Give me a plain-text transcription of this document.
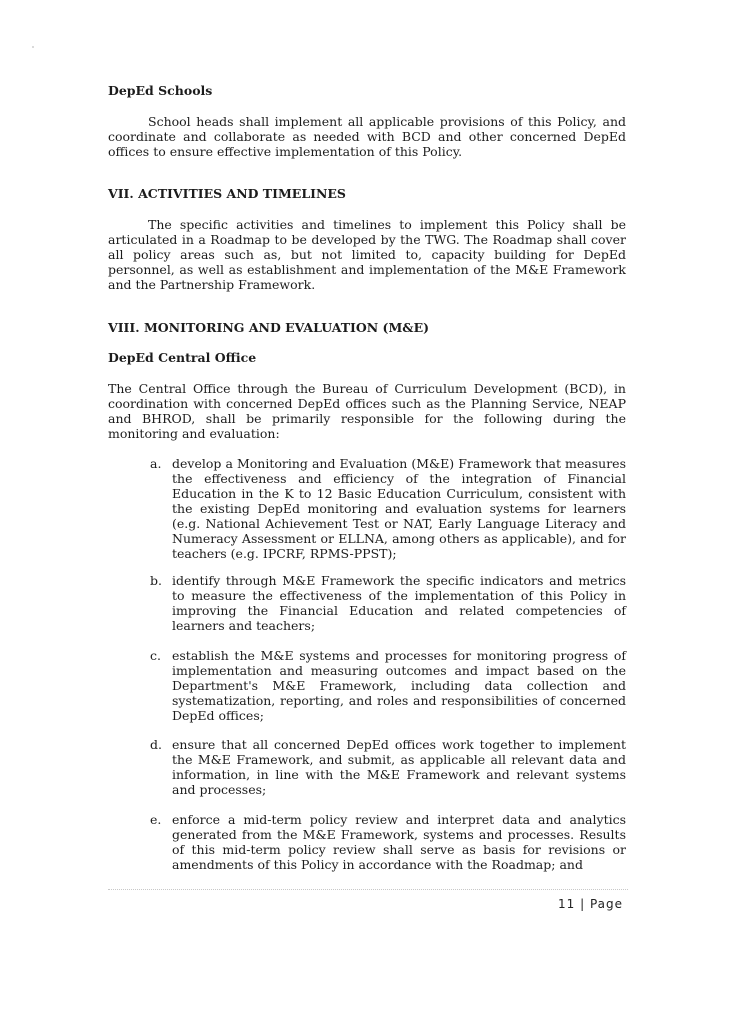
DepEd Schools
School heads shall implement all applicable provisions of this Policy, and coordinate and collaborate as needed with BCD and other concerned DepEd offices to ensure effective implementation of this Policy.
VII. ACTIVITIES AND TIMELINES
The specific activities and timelines to implement this Policy shall be articulated in a Roadmap to be developed by the TWG. The Roadmap shall cover all policy areas such as, but not limited to, capacity building for DepEd personnel, as well as establishment and implementation of the M&E Framework and the Partnership Framework.
VIII. MONITORING AND EVALUATION (M&E)
DepEd Central Office
The Central Office through the Bureau of Curriculum Development (BCD), in coordination with concerned DepEd offices such as the Planning Service, NEAP and BHROD, shall be primarily responsible for the following during the monitoring and evaluation:
a. develop a Monitoring and Evaluation (M&E) Framework that measures the effectiveness and efficiency of the integration of Financial Education in the K to 12 Basic Education Curriculum, consistent with the existing DepEd monitoring and evaluation systems for learners (e.g. National Achievement Test or NAT, Early Language Literacy and Numeracy Assessment or ELLNA, among others as applicable), and for teachers (e.g. IPCRF, RPMS-PPST);
b. identify through M&E Framework the specific indicators and metrics to measure the effectiveness of the implementation of this Policy in improving the Financial Education and related competencies of learners and teachers;
c. establish the M&E systems and processes for monitoring progress of implementation and measuring outcomes and impact based on the Department's M&E Framework, including data collection and systematization, reporting, and roles and responsibilities of concerned DepEd offices;
d. ensure that all concerned DepEd offices work together to implement the M&E Framework, and submit, as applicable all relevant data and information, in line with the M&E Framework and relevant systems and processes;
e. enforce a mid-term policy review and interpret data and analytics generated from the M&E Framework, systems and processes. Results of this mid-term policy review shall serve as basis for revisions or amendments of this Policy in accordance with the Roadmap; and
11 | Page
